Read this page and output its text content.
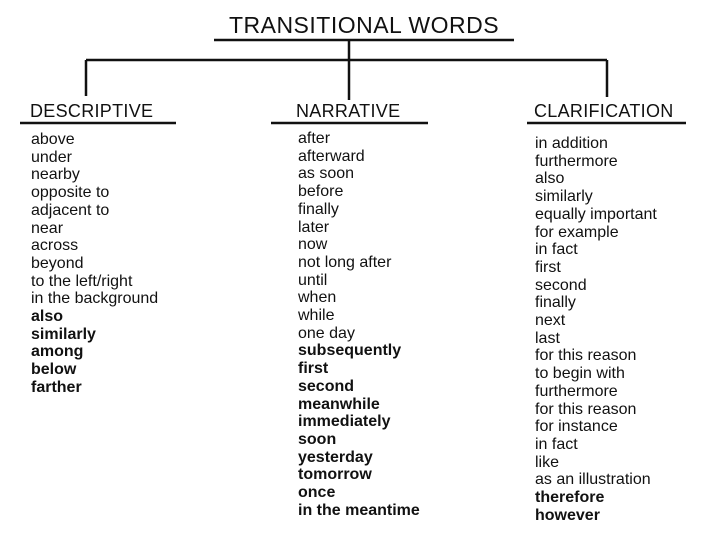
TRANSITIONAL WORDS
DESCRIPTIVE	NARRATIVE	CLARIFICATION
above
under
nearby
opposite to
adjacent to
near
across
beyond
to the left/right
in the background
also
similarly
among
below
farther
after
afterward
as soon
before
finally
later
now
not long after
until
when
while
one day
subsequently
first
second
meanwhile
immediately
soon
yesterday
tomorrow
once
in the meantime
in addition
furthermore
also
similarly
equally important
for example
in fact
first
second
finally
next
last
for this reason
to begin with
furthermore
for this reason
for instance
in fact
like
as an illustration
therefore
however
